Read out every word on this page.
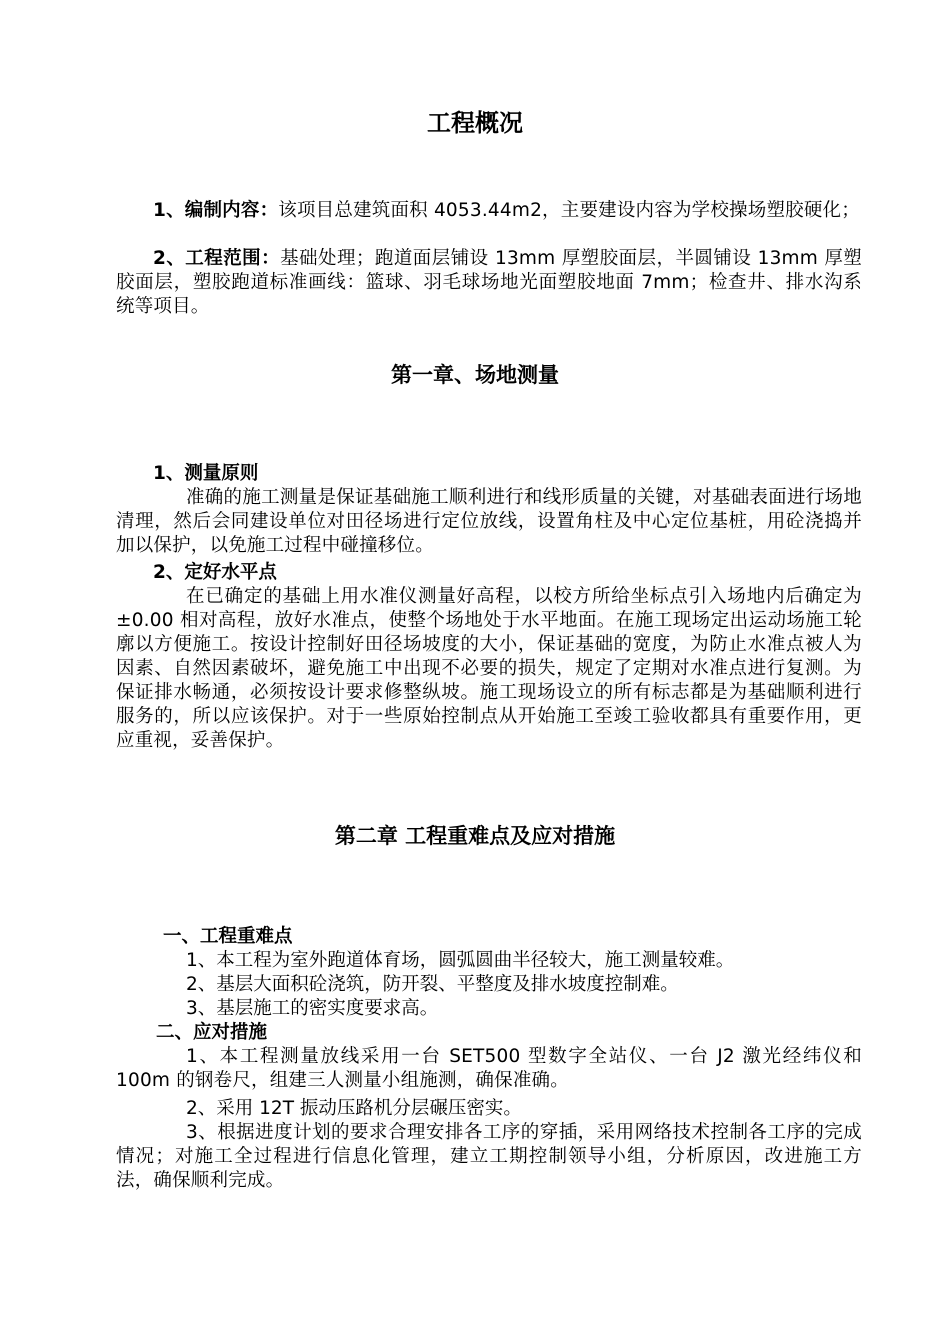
工程概况
1、编制内容：该项目总建筑面积 4053.44m2，主要建设内容为学校操场塑胶硬化；
2、工程范围：基础处理；跑道面层铺设 13mm 厚塑胶面层，半圆铺设 13mm 厚塑胶面层，塑胶跑道标准画线：篮球、羽毛球场地光面塑胶地面 7mm；检查井、排水沟系统等项目。
第一章、场地测量
1、测量原则
准确的施工测量是保证基础施工顺利进行和线形质量的关键，对基础表面进行场地清理，然后会同建设单位对田径场进行定位放线，设置角柱及中心定位基桩，用砼浇捣并加以保护，以免施工过程中碰撞移位。
2、定好水平点
在已确定的基础上用水准仪测量好高程，以校方所给坐标点引入场地内后确定为±0.00 相对高程，放好水准点，使整个场地处于水平地面。在施工现场定出运动场施工轮廓以方便施工。按设计控制好田径场坡度的大小，保证基础的宽度，为防止水准点被人为因素、自然因素破坏，避免施工中出现不必要的损失，规定了定期对水准点进行复测。为保证排水畅通，必须按设计要求修整纵坡。施工现场设立的所有标志都是为基础顺利进行服务的，所以应该保护。对于一些原始控制点从开始施工至竣工验收都具有重要作用，更应重视，妥善保护。
第二章 工程重难点及应对措施
一、工程重难点
1、本工程为室外跑道体育场，圆弧圆曲半径较大，施工测量较难。
2、基层大面积砼浇筑，防开裂、平整度及排水坡度控制难。
3、基层施工的密实度要求高。
二、应对措施
1、本工程测量放线采用一台 SET500 型数字全站仪、一台 J2 激光经纬仪和 100m 的钢卷尺，组建三人测量小组施测，确保准确。
2、采用 12T 振动压路机分层碾压密实。
3、根据进度计划的要求合理安排各工序的穿插，采用网络技术控制各工序的完成情况；对施工全过程进行信息化管理，建立工期控制领导小组，分析原因，改进施工方法，确保顺利完成。
